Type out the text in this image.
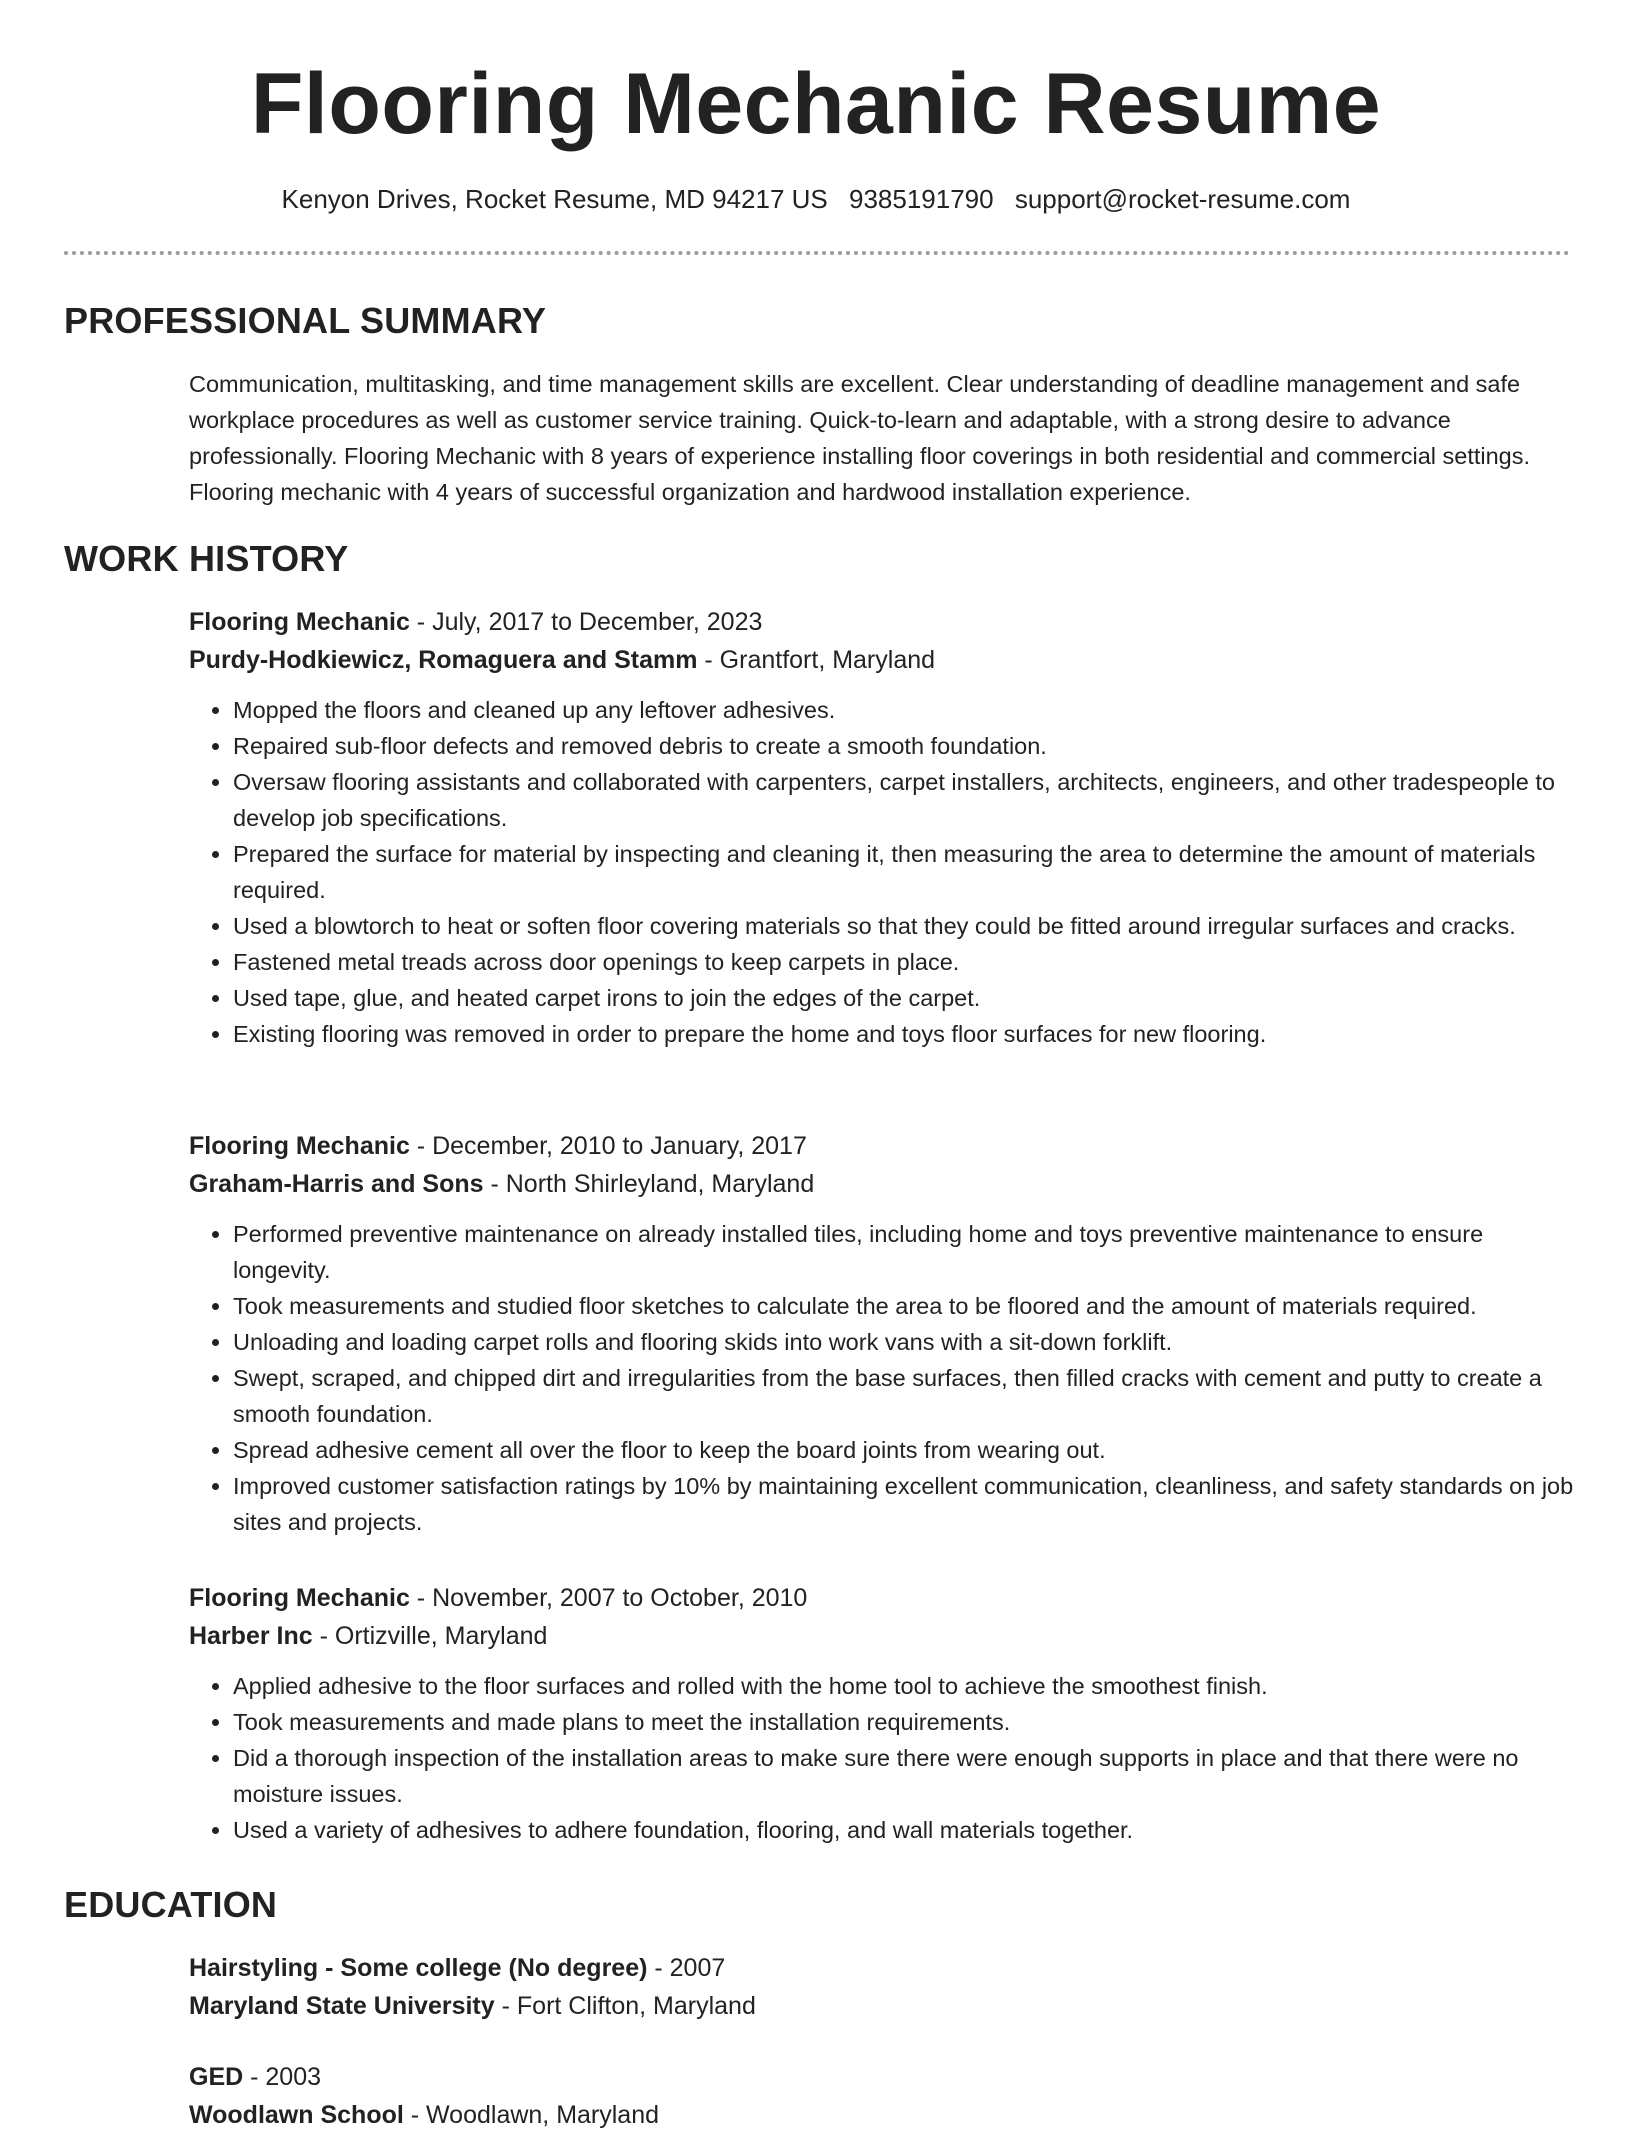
Flooring Mechanic Resume
Kenyon Drives, Rocket Resume, MD 94217 US 9385191790 support@rocket-resume.com
PROFESSIONAL SUMMARY

Communication, multitasking, and time management skills are excellent. Clear understanding of deadline management and safe workplace procedures as well as customer service training. Quick-to-learn and adaptable, with a strong desire to advance professionally. Flooring Mechanic with 8 years of experience installing floor coverings in both residential and commercial settings. Flooring mechanic with 4 years of successful organization and hardwood installation experience.

WORK HISTORY
Flooring Mechanic - July, 2017 to December, 2023
Purdy-Hodkiewicz, Romaguera and Stamm - Grantfort, Maryland
• Mopped the floors and cleaned up any leftover adhesives.
• Repaired sub-floor defects and removed debris to create a smooth foundation.
• Oversaw flooring assistants and collaborated with carpenters, carpet installers, architects, engineers, and other tradespeople to develop job specifications.
• Prepared the surface for material by inspecting and cleaning it, then measuring the area to determine the amount of materials required.
• Used a blowtorch to heat or soften floor covering materials so that they could be fitted around irregular surfaces and cracks.
• Fastened metal treads across door openings to keep carpets in place.
• Used tape, glue, and heated carpet irons to join the edges of the carpet.
• Existing flooring was removed in order to prepare the home and toys floor surfaces for new flooring.
Flooring Mechanic - December, 2010 to January, 2017
Graham-Harris and Sons - North Shirleyland, Maryland
• Performed preventive maintenance on already installed tiles, including home and toys preventive maintenance to ensure longevity.
• Took measurements and studied floor sketches to calculate the area to be floored and the amount of materials required.
• Unloading and loading carpet rolls and flooring skids into work vans with a sit-down forklift.
• Swept, scraped, and chipped dirt and irregularities from the base surfaces, then filled cracks with cement and putty to create a smooth foundation.
• Spread adhesive cement all over the floor to keep the board joints from wearing out.
• Improved customer satisfaction ratings by 10% by maintaining excellent communication, cleanliness, and safety standards on job sites and projects.
Flooring Mechanic - November, 2007 to October, 2010
Harber Inc - Ortizville, Maryland
• Applied adhesive to the floor surfaces and rolled with the home tool to achieve the smoothest finish.
• Took measurements and made plans to meet the installation requirements.
• Did a thorough inspection of the installation areas to make sure there were enough supports in place and that there were no moisture issues.
• Used a variety of adhesives to adhere foundation, flooring, and wall materials together.
EDUCATION
Hairstyling - Some college (No degree) - 2007
Maryland State University - Fort Clifton, Maryland
GED - 2003
Woodlawn School - Woodlawn, Maryland
